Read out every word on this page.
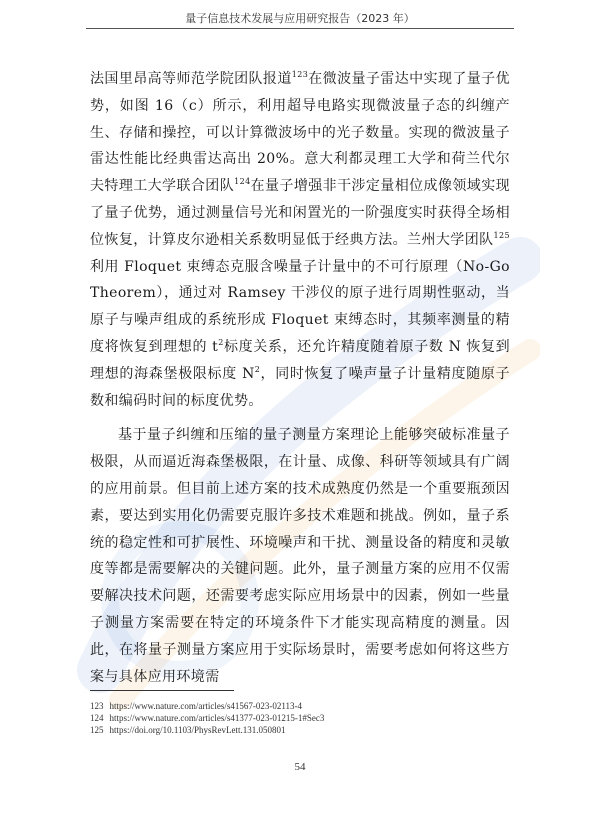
量子信息技术发展与应用研究报告（2023 年）

法国里昂高等师范学院团队报道$^{123}$在微波量子雷达中实现了量子优势，如图 16（c）所示，利用超导电路实现微波量子态的纠缠产生、存储和操控，可以计算微波场中的光子数量。实现的微波量子雷达性能比经典雷达高出 20%。意大利都灵理工大学和荷兰代尔夫特理工大学联合团队$^{124}$在量子增强非干涉定量相位成像领域实现了量子优势，通过测量信号光和闲置光的一阶强度实时获得全场相位恢复，计算皮尔逊相关系数明显低于经典方法。兰州大学团队$^{125}$利用 Floquet 束缚态克服含噪量子计量中的不可行原理（No-Go Theorem），通过对 Ramsey 干涉仪的原子进行周期性驱动，当原子与噪声组成的系统形成 Floquet 束缚态时，其频率测量的精度将恢复到理想的 $t^2$标度关系，还允许精度随着原子数 N 恢复到理想的海森堡极限标度 $N^2$，同时恢复了噪声量子计量精度随原子数和编码时间的标度优势。

基于量子纠缠和压缩的量子测量方案理论上能够突破标准量子极限，从而逼近海森堡极限，在计量、成像、科研等领域具有广阔的应用前景。但目前上述方案的技术成熟度仍然是一个重要瓶颈因素，要达到实用化仍需要克服许多技术难题和挑战。例如，量子系统的稳定性和可扩展性、环境噪声和干扰、测量设备的精度和灵敏度等都是需要解决的关键问题。此外，量子测量方案的应用不仅需要解决技术问题，还需要考虑实际应用场景中的因素，例如一些量子测量方案需要在特定的环境条件下才能实现高精度的测量。因此，在将量子测量方案应用于实际场景时，需要考虑如何将这些方案与具体应用环境需

123 https://www.nature.com/articles/s41567-023-02113-4
124 https://www.nature.com/articles/s41377-023-01215-1#Sec3
125 https://doi.org/10.1103/PhysRevLett.131.050801
54
